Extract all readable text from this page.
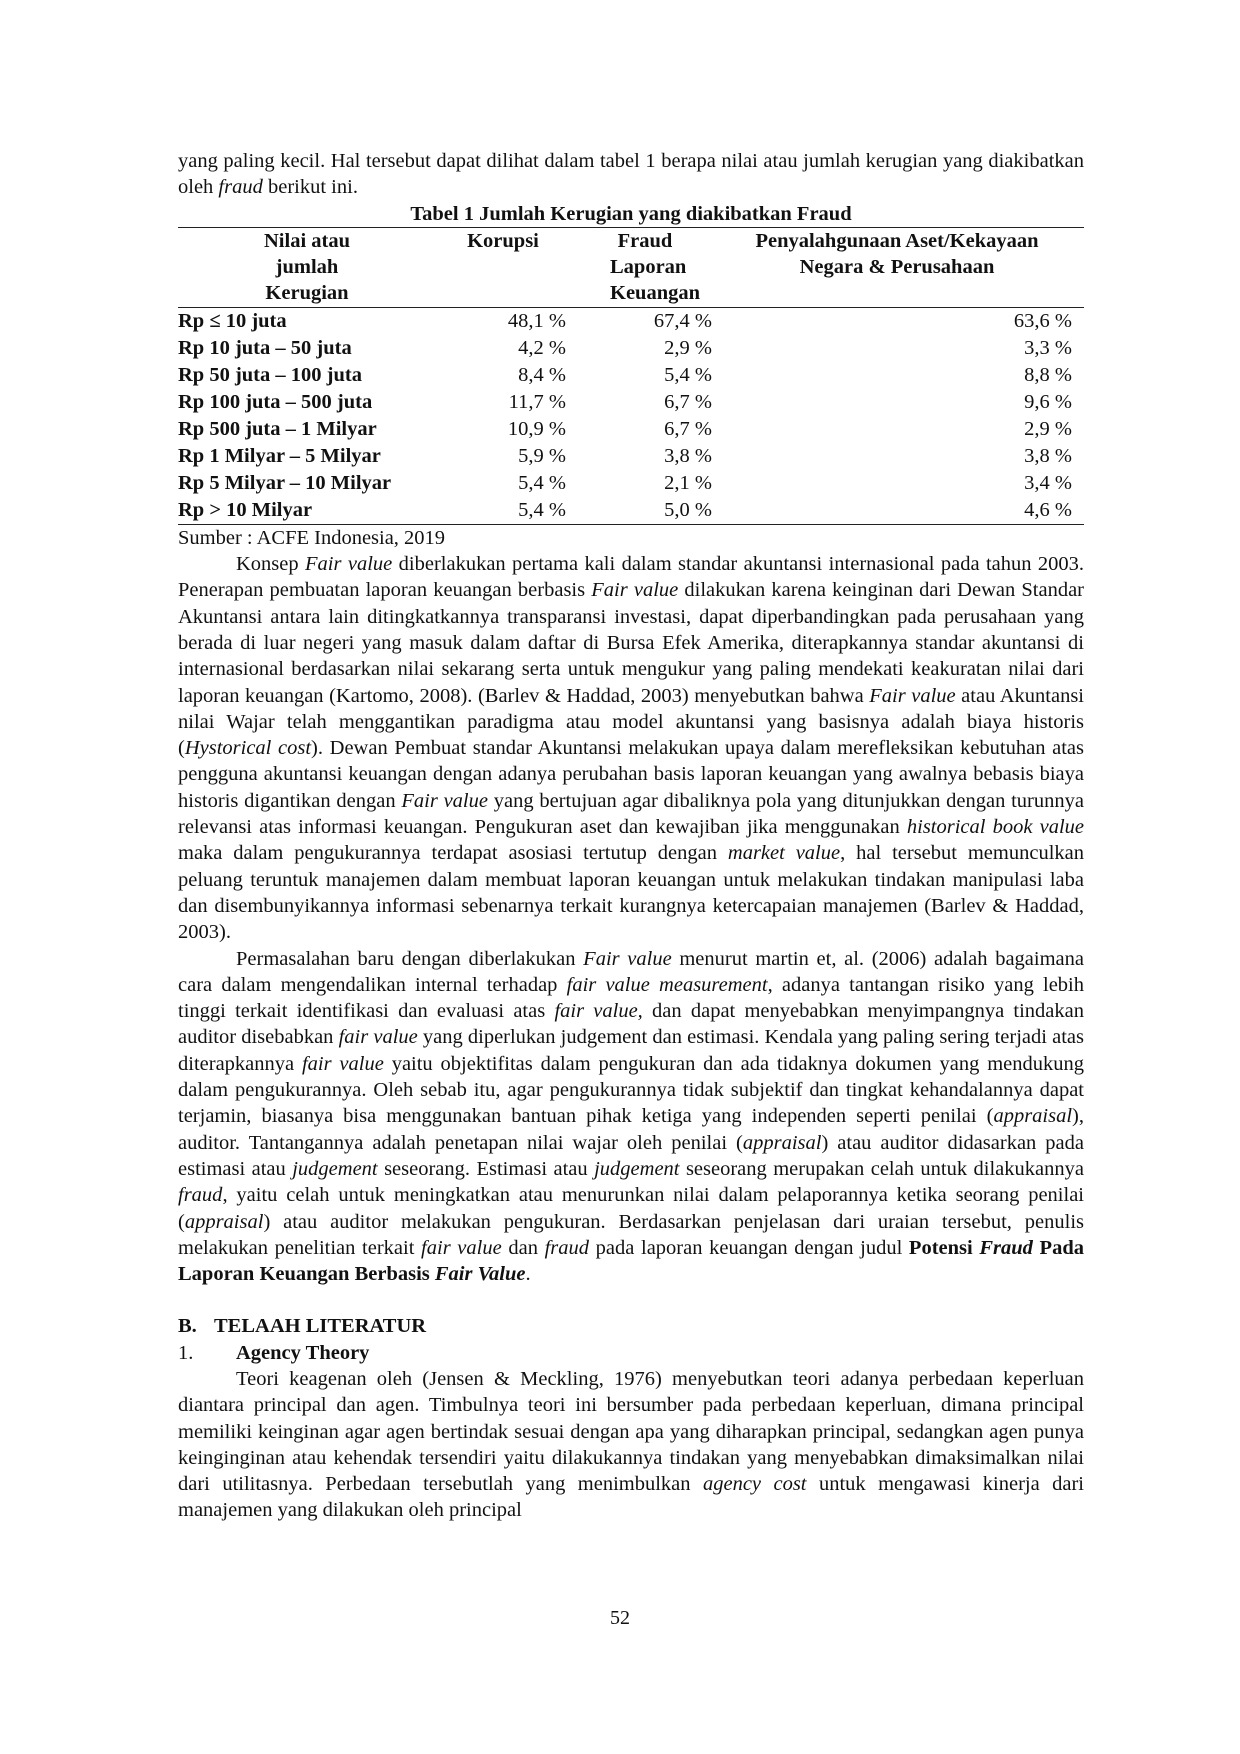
yang paling kecil. Hal tersebut dapat dilihat dalam tabel 1 berapa nilai atau jumlah kerugian yang diakibatkan oleh fraud berikut ini.

Tabel 1 Jumlah Kerugian yang diakibatkan Fraud
Nilai atau jumlah Kerugian	Korupsi	Fraud Laporan Keuangan	Penyalahgunaan Aset/Kekayaan Negara & Perusahaan
Rp ≤ 10 juta	48,1 %	67,4 %	63,6 %
Rp 10 juta – 50 juta	4,2 %	2,9 %	3,3 %
Rp 50 juta – 100 juta	8,4 %	5,4 %	8,8 %
Rp 100 juta – 500 juta	11,7 %	6,7 %	9,6 %
Rp 500 juta – 1 Milyar	10,9 %	6,7 %	2,9 %
Rp 1 Milyar – 5 Milyar	5,9 %	3,8 %	3,8 %
Rp 5 Milyar – 10 Milyar	5,4 %	2,1 %	3,4 %
Rp > 10 Milyar	5,4 %	5,0 %	4,6 %

Sumber : ACFE Indonesia, 2019

Konsep Fair value diberlakukan pertama kali dalam standar akuntansi internasional pada tahun 2003. Penerapan pembuatan laporan keuangan berbasis Fair value dilakukan karena keinginan dari Dewan Standar Akuntansi antara lain ditingkatkannya transparansi investasi, dapat diperbandingkan pada perusahaan yang berada di luar negeri yang masuk dalam daftar di Bursa Efek Amerika, diterapkannya standar akuntansi di internasional berdasarkan nilai sekarang serta untuk mengukur yang paling mendekati keakuratan nilai dari laporan keuangan (Kartomo, 2008). (Barlev & Haddad, 2003) menyebutkan bahwa Fair value atau Akuntansi nilai Wajar telah menggantikan paradigma atau model akuntansi yang basisnya adalah biaya historis (Hystorical cost). Dewan Pembuat standar Akuntansi melakukan upaya dalam merefleksikan kebutuhan atas pengguna akuntansi keuangan dengan adanya perubahan basis laporan keuangan yang awalnya bebasis biaya historis digantikan dengan Fair value yang bertujuan agar dibaliknya pola yang ditunjukkan dengan turunnya relevansi atas informasi keuangan. Pengukuran aset dan kewajiban jika menggunakan historical book value maka dalam pengukurannya terdapat asosiasi tertutup dengan market value, hal tersebut memunculkan peluang teruntuk manajemen dalam membuat laporan keuangan untuk melakukan tindakan manipulasi laba dan disembunyikannya informasi sebenarnya terkait kurangnya ketercapaian manajemen (Barlev & Haddad, 2003).

Permasalahan baru dengan diberlakukan Fair value menurut martin et, al. (2006) adalah bagaimana cara dalam mengendalikan internal terhadap fair value measurement, adanya tantangan risiko yang lebih tinggi terkait identifikasi dan evaluasi atas fair value, dan dapat menyebabkan menyimpangnya tindakan auditor disebabkan fair value yang diperlukan judgement dan estimasi. Kendala yang paling sering terjadi atas diterapkannya fair value yaitu objektifitas dalam pengukuran dan ada tidaknya dokumen yang mendukung dalam pengukurannya. Oleh sebab itu, agar pengukurannya tidak subjektif dan tingkat kehandalannya dapat terjamin, biasanya bisa menggunakan bantuan pihak ketiga yang independen seperti penilai (appraisal), auditor. Tantangannya adalah penetapan nilai wajar oleh penilai (appraisal) atau auditor didasarkan pada estimasi atau judgement seseorang. Estimasi atau judgement seseorang merupakan celah untuk dilakukannya fraud, yaitu celah untuk meningkatkan atau menurunkan nilai dalam pelaporannya ketika seorang penilai (appraisal) atau auditor melakukan pengukuran. Berdasarkan penjelasan dari uraian tersebut, penulis melakukan penelitian terkait fair value dan fraud pada laporan keuangan dengan judul Potensi Fraud Pada Laporan Keuangan Berbasis Fair Value.

B. TELAAH LITERATUR
1. Agency Theory

Teori keagenan oleh (Jensen & Meckling, 1976) menyebutkan teori adanya perbedaan keperluan diantara principal dan agen. Timbulnya teori ini bersumber pada perbedaan keperluan, dimana principal memiliki keinginan agar agen bertindak sesuai dengan apa yang diharapkan principal, sedangkan agen punya keinginginan atau kehendak tersendiri yaitu dilakukannya tindakan yang menyebabkan dimaksimalkan nilai dari utilitasnya. Perbedaan tersebutlah yang menimbulkan agency cost untuk mengawasi kinerja dari manajemen yang dilakukan oleh principal

52
